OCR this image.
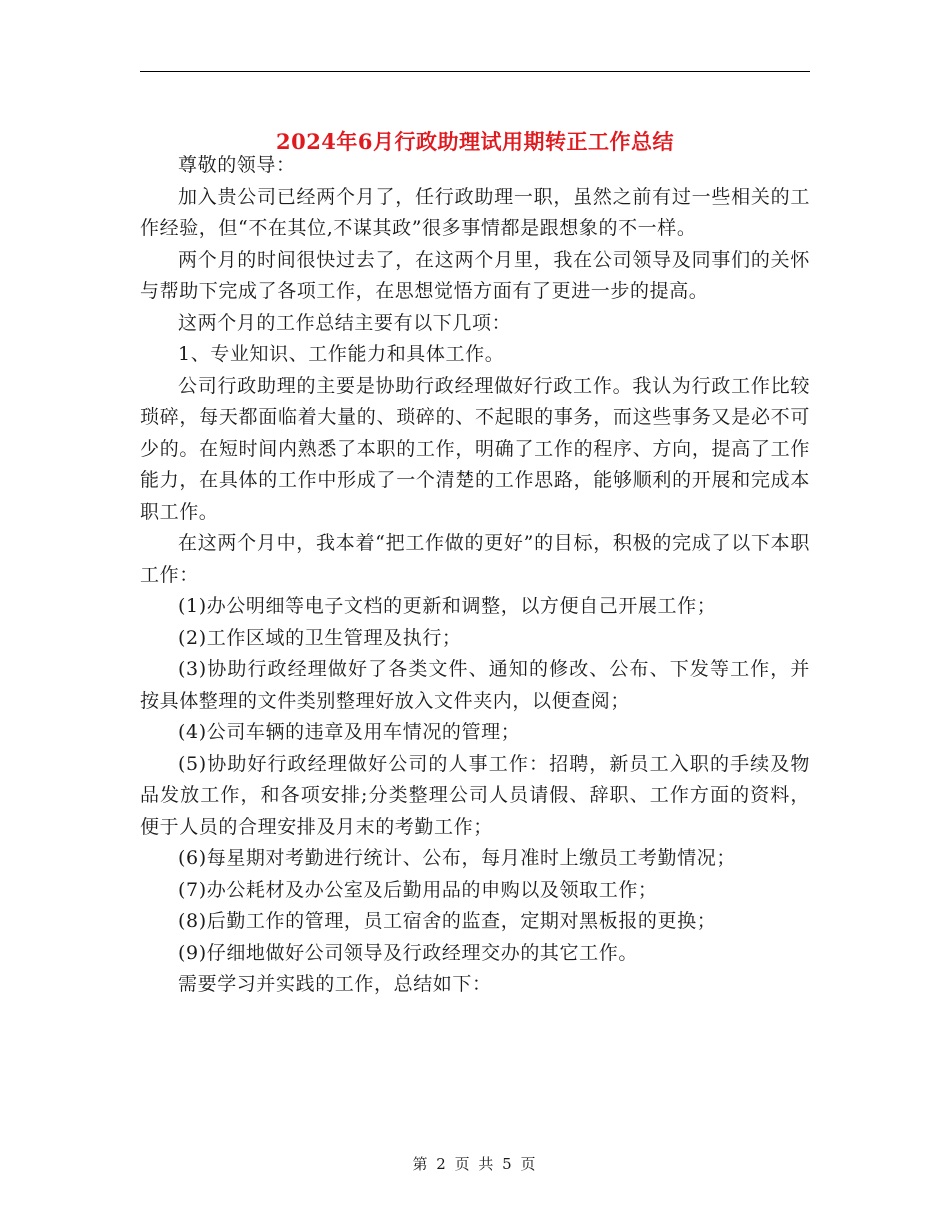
2024年6月行政助理试用期转正工作总结

尊敬的领导：

加入贵公司已经两个月了，任行政助理一职，虽然之前有过一些相关的工作经验，但“不在其位,不谋其政”很多事情都是跟想象的不一样。

两个月的时间很快过去了，在这两个月里，我在公司领导及同事们的关怀与帮助下完成了各项工作，在思想觉悟方面有了更进一步的提高。

这两个月的工作总结主要有以下几项：

1、专业知识、工作能力和具体工作。

公司行政助理的主要是协助行政经理做好行政工作。我认为行政工作比较琐碎，每天都面临着大量的、琐碎的、不起眼的事务，而这些事务又是必不可少的。在短时间内熟悉了本职的工作，明确了工作的程序、方向，提高了工作能力，在具体的工作中形成了一个清楚的工作思路，能够顺利的开展和完成本职工作。

在这两个月中，我本着“把工作做的更好”的目标，积极的完成了以下本职工作：

(1)办公明细等电子文档的更新和调整，以方便自己开展工作；

(2)工作区域的卫生管理及执行；

(3)协助行政经理做好了各类文件、通知的修改、公布、下发等工作，并按具体整理的文件类别整理好放入文件夹内，以便查阅；

(4)公司车辆的违章及用车情况的管理；

(5)协助好行政经理做好公司的人事工作：招聘，新员工入职的手续及物品发放工作，和各项安排;分类整理公司人员请假、辞职、工作方面的资料，便于人员的合理安排及月末的考勤工作；

(6)每星期对考勤进行统计、公布，每月准时上缴员工考勤情况；

(7)办公耗材及办公室及后勤用品的申购以及领取工作；

(8)后勤工作的管理，员工宿舍的监查，定期对黑板报的更换；

(9)仔细地做好公司领导及行政经理交办的其它工作。

需要学习并实践的工作，总结如下：

第 2 页 共 5 页
